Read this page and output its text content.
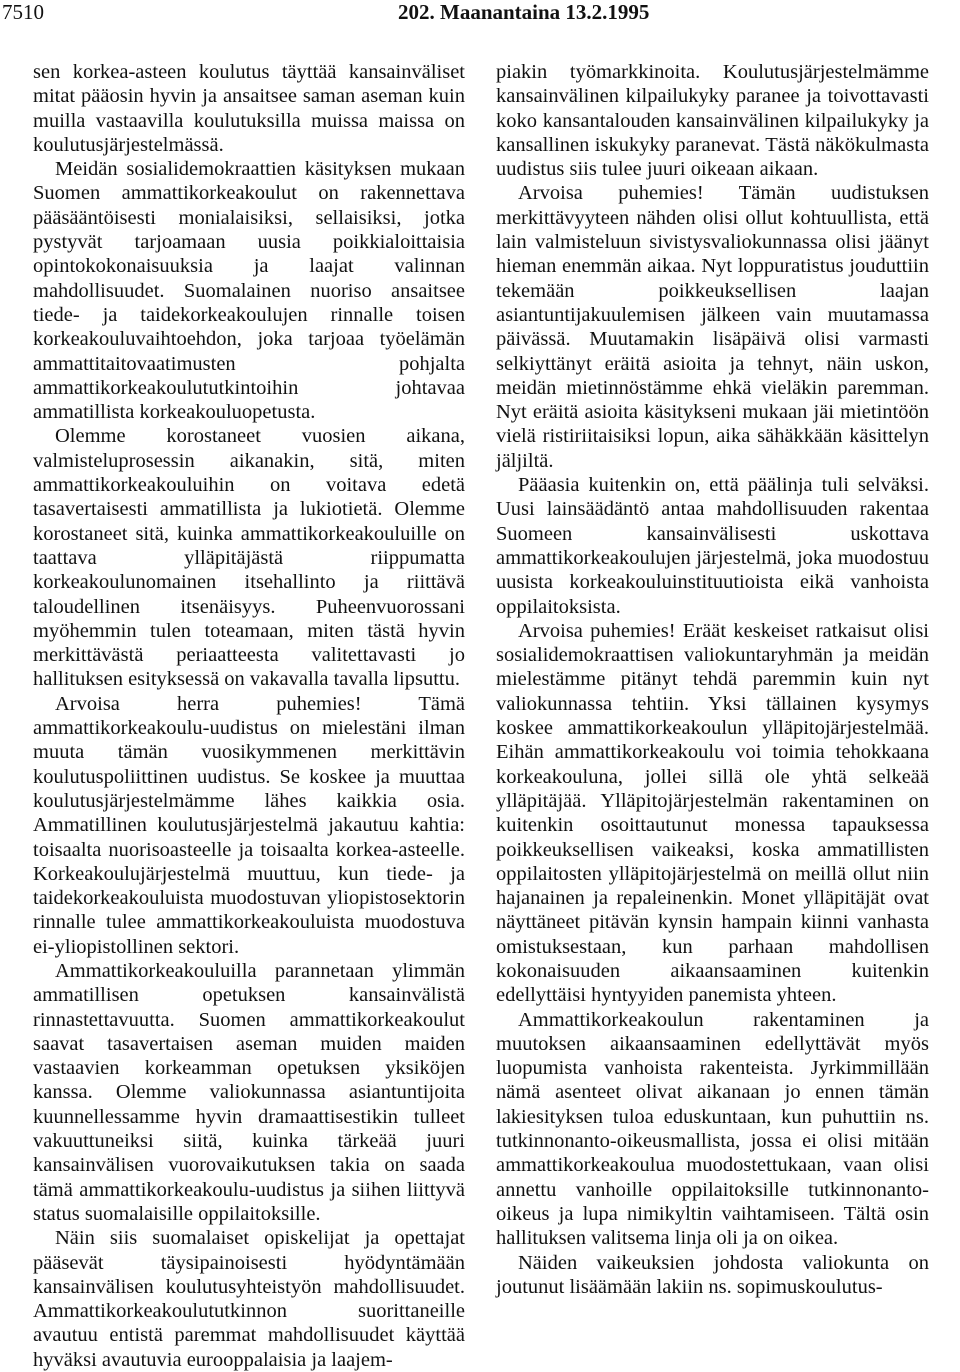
7510	202. Maanantaina 13.2.1995

sen korkea-asteen koulutus täyttää kansainväliset mitat pääosin hyvin ja ansaitsee saman aseman kuin muilla vastaavilla koulutuksilla muissa maissa on koulutusjärjestelmässä.

Meidän sosialidemokraattien käsityksen mukaan Suomen ammattikorkeakoulut on rakennettava pääsääntöisesti monialaisiksi, sellaisiksi, jotka pystyvät tarjoamaan uusia poikkialoittaisia opintokokonaisuuksia ja laajat valinnan mahdollisuudet. Suomalainen nuoriso ansaitsee tiede- ja taidekorkeakoulujen rinnalle toisen korkeakouluvaihtoehdon, joka tarjoaa työelämän ammattitaitovaatimusten pohjalta ammattikorkeakoulututkintoihin johtavaa ammatillista korkeakouluopetusta.

Olemme korostaneet vuosien aikana, valmisteluprosessin aikanakin, sitä, miten ammattikorkeakouluihin on voitava edetä tasavertaisesti ammatillista ja lukiotietä. Olemme korostaneet sitä, kuinka ammattikorkeakouluille on taattava ylläpitäjästä riippumatta korkeakoulunomainen itsehallinto ja riittävä taloudellinen itsenäisyys. Puheenvuorossani myöhemmin tulen toteamaan, miten tästä hyvin merkittävästä periaatteesta valitettavasti jo hallituksen esityksessä on vakavalla tavalla lipsuttu.

Arvoisa herra puhemies! Tämä ammattikorkeakoulu-uudistus on mielestäni ilman muuta tämän vuosikymmenen merkittävin koulutuspoliittinen uudistus. Se koskee ja muuttaa koulutusjärjestelmämme lähes kaikkia osia. Ammatillinen koulutusjärjestelmä jakautuu kahtia: toisaalta nuorisoasteelle ja toisaalta korkea-asteelle. Korkeakoulujärjestelmä muuttuu, kun tiede- ja taidekorkeakouluista muodostuvan yliopistosektorin rinnalle tulee ammattikorkeakouluista muodostuva ei-yliopistollinen sektori.

Ammattikorkeakouluilla parannetaan ylimmän ammatillisen opetuksen kansainvälistä rinnastettavuutta. Suomen ammattikorkeakoulut saavat tasavertaisen aseman muiden maiden vastaavien korkeamman opetuksen yksiköjen kanssa. Olemme valiokunnassa asiantuntijoita kuunnellessamme hyvin dramaattisestikin tulleet vakuuttuneiksi siitä, kuinka tärkeää juuri kansainvälisen vuorovaikutuksen takia on saada tämä ammattikorkeakoulu-uudistus ja siihen liittyvä status suomalaisille oppilaitoksille.

Näin siis suomalaiset opiskelijat ja opettajat pääsevät täysipainoisesti hyödyntämään kansainvälisen koulutusyhteistyön mahdollisuudet. Ammattikorkeakoulututkinnon suorittaneille avautuu entistä paremmat mahdollisuudet käyttää hyväksi avautuvia eurooppalaisia ja laajem-

piakin työmarkkinoita. Koulutusjärjestelmämme kansainvälinen kilpailukyky paranee ja toivottavasti koko kansantalouden kansainvälinen kilpailukyky ja kansallinen iskukyky paranevat. Tästä näkökulmasta uudistus siis tulee juuri oikeaan aikaan.

Arvoisa puhemies! Tämän uudistuksen merkittävyyteen nähden olisi ollut kohtuullista, että lain valmisteluun sivistysvaliokunnassa olisi jäänyt hieman enemmän aikaa. Nyt loppuratistus jouduttiin tekemään poikkeuksellisen laajan asiantuntijakuulemisen jälkeen vain muutamassa päivässä. Muutamakin lisäpäivä olisi varmasti selkiyttänyt eräitä asioita ja tehnyt, näin uskon, meidän mietinnöstämme ehkä vieläkin paremman. Nyt eräitä asioita käsitykseni mukaan jäi mietintöön vielä ristiriitaisiksi lopun, aika sähäkkään käsittelyn jäljiltä.

Pääasia kuitenkin on, että päälinja tuli selväksi. Uusi lainsäädäntö antaa mahdollisuuden rakentaa Suomeen kansainvälisesti uskottava ammattikorkeakoulujen järjestelmä, joka muodostuu uusista korkeakouluinstituutioista eikä vanhoista oppilaitoksista.

Arvoisa puhemies! Eräät keskeiset ratkaisut olisi sosialidemokraattisen valiokuntaryhmän ja meidän mielestämme pitänyt tehdä paremmin kuin nyt valiokunnassa tehtiin. Yksi tällainen kysymys koskee ammattikorkeakoulun ylläpitojärjestelmää. Eihän ammattikorkeakoulu voi toimia tehokkaana korkeakouluna, jollei sillä ole yhtä selkeää ylläpitäjää. Ylläpitojärjestelmän rakentaminen on kuitenkin osoittautunut monessa tapauksessa poikkeuksellisen vaikeaksi, koska ammatillisten oppilaitosten ylläpitojärjestelmä on meillä ollut niin hajanainen ja repaleinenkin. Monet ylläpitäjät ovat näyttäneet pitävän kynsin hampain kiinni vanhasta omistuksestaan, kun parhaan mahdollisen kokonaisuuden aikaansaaminen kuitenkin edellyttäisi hyntyyiden panemista yhteen.

Ammattikorkeakoulun rakentaminen ja muutoksen aikaansaaminen edellyttävät myös luopumista vanhoista rakenteista. Jyrkimmillään nämä asenteet olivat aikanaan jo ennen tämän lakiesityksen tuloa eduskuntaan, kun puhuttiin ns. tutkinnonanto-oikeusmallista, jossa ei olisi mitään ammattikorkeakoulua muodostettukaan, vaan olisi annettu vanhoille oppilaitoksille tutkinnonanto-oikeus ja lupa nimikyltin vaihtamiseen. Tältä osin hallituksen valitsema linja oli ja on oikea.

Näiden vaikeuksien johdosta valiokunta on joutunut lisäämään lakiin ns. sopimuskoulutus-
